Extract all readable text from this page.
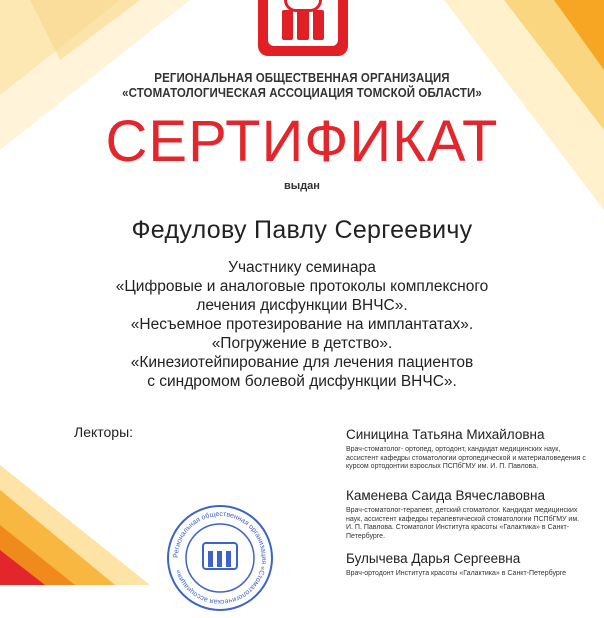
РЕГИОНАЛЬНАЯ ОБЩЕСТВЕННАЯ ОРГАНИЗАЦИЯ
«СТОМАТОЛОГИЧЕСКАЯ АССОЦИАЦИЯ ТОМСКОЙ ОБЛАСТИ»
СЕРТИФИКАТ
выдан
Федулову Павлу Сергеевичу
Участнику семинара
«Цифровые и аналоговые протоколы комплексного
лечения дисфункции ВНЧС».
«Несъемное протезирование на имплантатах».
«Погружение в детство».
«Кинезиотейпирование для лечения пациентов
с синдромом болевой дисфункции ВНЧС».
Лекторы:	Синицина Татьяна Михайловна
Врач-стоматолог- ортопед, ортодонт, кандидат медицинских наук, ассистент кафедры стоматологии ортопедической и материаловедения с курсом ортодонтии взрослых ПСПбГМУ им. И. П. Павлова.
Каменева Саида Вячеславовна
Врач-стоматолог-терапевт, детский стоматолог. Кандидат медицинских наук, ассистент кафедры терапевтической стоматологии ПСПбГМУ им. И. П. Павлова. Стоматолог Института красоты «Галактика» в Санкт- Петербурге.
Булычева Дарья Сергеевна
Врач-ортодонт Института красоты «Галактика» в Санкт-Петербурге
Региональная общественная организация «Стоматологическая ассоциация»
